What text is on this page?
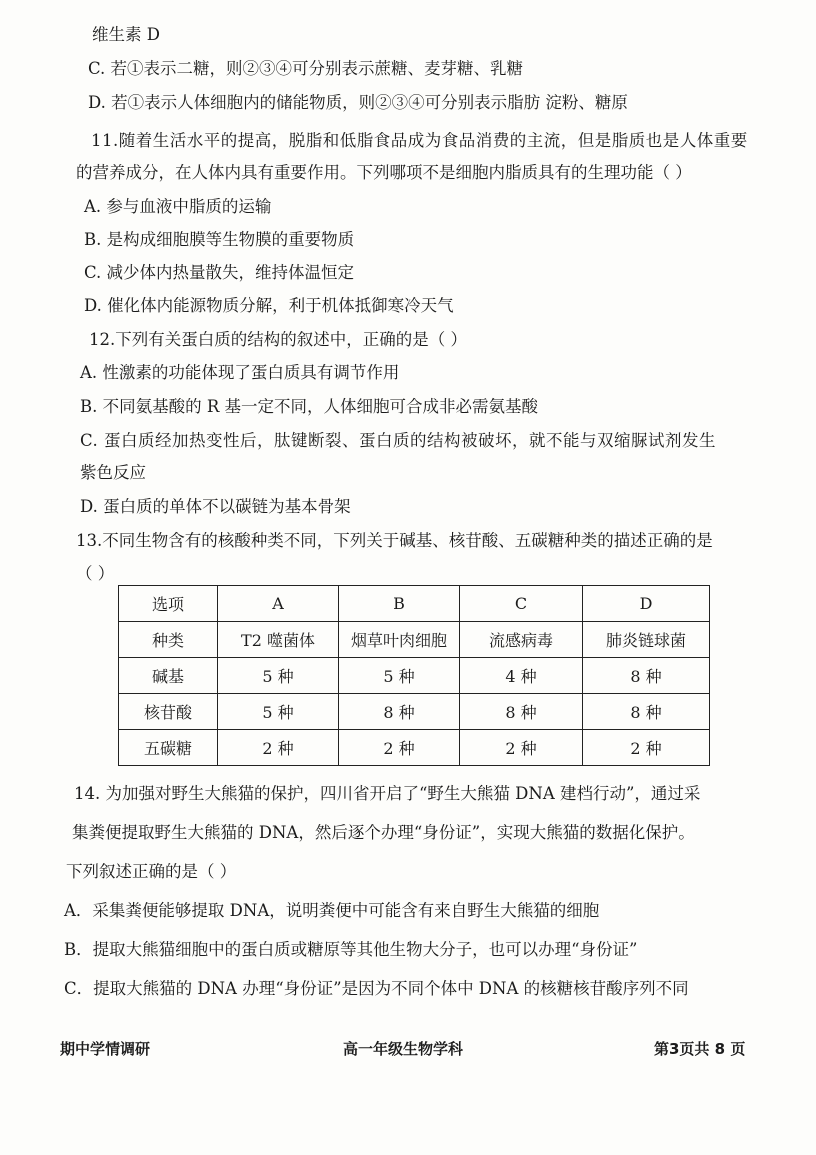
维生素 D
C. 若①表示二糖，则②③④可分别表示蔗糖、麦芽糖、乳糖
D. 若①表示人体细胞内的储能物质，则②③④可分别表示脂肪 淀粉、糖原
11.随着生活水平的提高，脱脂和低脂食品成为食品消费的主流，但是脂质也是人体重要
的营养成分，在人体内具有重要作用。下列哪项不是细胞内脂质具有的生理功能（ ）
A. 参与血液中脂质的运输
B. 是构成细胞膜等生物膜的重要物质
C. 减少体内热量散失，维持体温恒定
D. 催化体内能源物质分解，利于机体抵御寒冷天气
12.下列有关蛋白质的结构的叙述中，正确的是（ ）
A. 性激素的功能体现了蛋白质具有调节作用
B. 不同氨基酸的 R 基一定不同，人体细胞可合成非必需氨基酸
C. 蛋白质经加热变性后，肽键断裂、蛋白质的结构被破坏，就不能与双缩脲试剂发生
紫色反应
D. 蛋白质的单体不以碳链为基本骨架
13.不同生物含有的核酸种类不同，下列关于碱基、核苷酸、五碳糖种类的描述正确的是
（ ）
选项	A	B	C	D
种类	T2 噬菌体	烟草叶肉细胞	流感病毒	肺炎链球菌
碱基	5 种	5 种	4 种	8 种
核苷酸	5 种	8 种	8 种	8 种
五碳糖	2 种	2 种	2 种	2 种
14. 为加强对野生大熊猫的保护，四川省开启了“野生大熊猫 DNA 建档行动”，通过采
集粪便提取野生大熊猫的 DNA，然后逐个办理“身份证”，实现大熊猫的数据化保护。
下列叙述正确的是（ ）
A．采集粪便能够提取 DNA，说明粪便中可能含有来自野生大熊猫的细胞
B．提取大熊猫细胞中的蛋白质或糖原等其他生物大分子，也可以办理“身份证”
C．提取大熊猫的 DNA 办理“身份证”是因为不同个体中 DNA 的核糖核苷酸序列不同
期中学情调研	高一年级生物学科	第3页共 8 页
